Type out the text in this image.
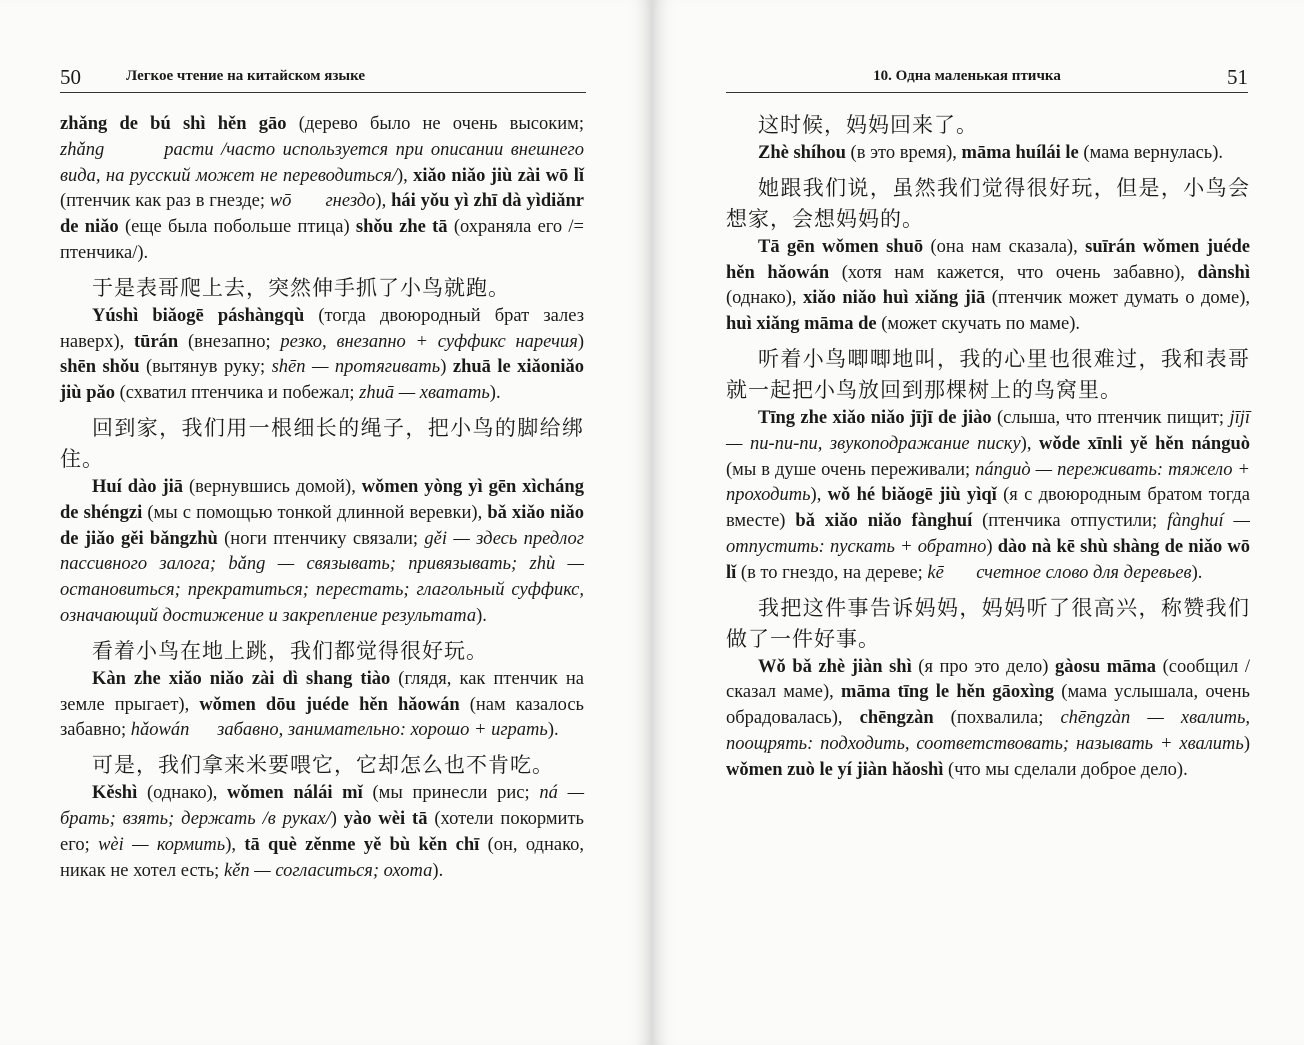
50	Легкое чтение на китайском языке

zhǎng de bú shì hěn gāo (дерево было не очень высоким; zhǎng        расти /часто используется при описании внешнего вида, на русский может не переводиться/), xiǎo niǎo jiù zài wō lǐ (птенчик как раз в гнезде; wō       гнездо), hái yǒu yì zhī dà yìdiǎnr de niǎo (еще была побольше птица) shǒu zhe tā (охраняла его /= птенчика/).

于是表哥爬上去，突然伸手抓了小鸟就跑。

Yúshì biǎogē páshàngqù (тогда двоюродный брат залез наверх), tūrán (внезапно; резко, внезапно + суффикс наречия) shēn shǒu (вытянув руку; shēn — протягивать) zhuā le xiǎoniǎo jiù pǎo (схватил птенчика и побежал; zhuā — хватать).

回到家，我们用一根细长的绳子，把小鸟的脚给绑住。

Huí dào jiā (вернувшись домой), wǒmen yòng yì gēn xìcháng de shéngzi (мы с помощью тонкой длинной веревки), bǎ xiǎo niǎo de jiǎo gěi bǎngzhù (ноги птенчику связали; gěi — здесь предлог пассивного залога; bǎng — связывать; привязывать; zhù — остановиться; прекратиться; перестать; глагольный суффикс, означающий достижение и закрепление результата).

看着小鸟在地上跳，我们都觉得很好玩。

Kàn zhe xiǎo niǎo zài dì shang tiào (глядя, как птенчик на земле прыгает), wǒmen dōu juéde hěn hǎowán (нам казалось забавно; hǎowán      забавно, занимательно: хорошо + играть).

可是，我们拿来米要喂它，它却怎么也不肯吃。

Kěshì (однако), wǒmen nálái mǐ (мы принесли рис; ná — брать; взять; держать /в руках/) yào wèi tā (хотели покормить его; wèi — кормить), tā què zěnme yě bù kěn chī (он, однако, никак не хотел есть; kěn — согласиться; охота).

10. Одна маленькая птичка	51

这时候，妈妈回来了。

Zhè shíhou (в это время), māma huílái le (мама вернулась).

她跟我们说，虽然我们觉得很好玩，但是，小鸟会想家，会想妈妈的。

Tā gēn wǒmen shuō (она нам сказала), suīrán wǒmen juéde hěn hǎowán (хотя нам кажется, что очень забавно), dànshì (однако), xiǎo niǎo huì xiǎng jiā (птенчик может думать о доме), huì xiǎng māma de (может скучать по маме).

听着小鸟唧唧地叫，我的心里也很难过，我和表哥就一起把小鸟放回到那棵树上的鸟窝里。

Tīng zhe xiǎo niǎo jījī de jiào (слыша, что птенчик пищит; jījī — пи-пи-пи, звукоподражание писку), wǒde xīnli yě hěn nánguò (мы в душе очень переживали; nánguò — переживать: тяжело + проходить), wǒ hé biǎogē jiù yìqǐ (я с двоюродным братом тогда вместе) bǎ xiǎo niǎo fànghuí (птенчика отпустили; fànghuí — отпустить: пускать + обратно) dào nà kē shù shàng de niǎo wō lǐ (в то гнездо, на дереве; kē       счетное слово для деревьев).

我把这件事告诉妈妈，妈妈听了很高兴，称赞我们做了一件好事。

Wǒ bǎ zhè jiàn shì (я про это дело) gàosu māma (сообщил / сказал маме), māma tīng le hěn gāoxìng (мама услышала, очень обрадовалась), chēngzàn (похвалила; chēngzàn — хвалить, поощрять: подходить, соответствовать; называть + хвалить) wǒmen zuò le yí jiàn hǎoshì (что мы сделали доброе дело).
